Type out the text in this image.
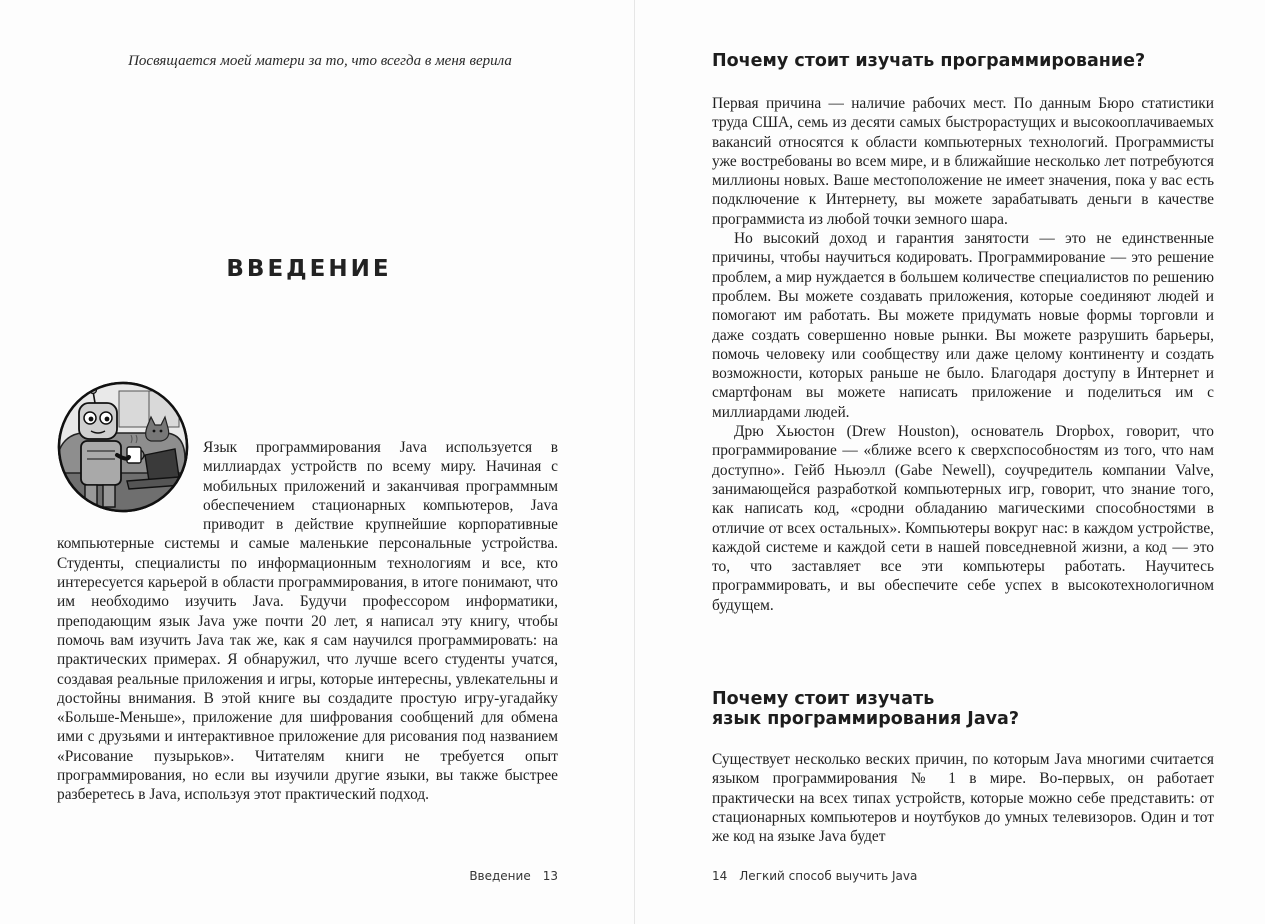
Посвящается моей матери за то, что всегда в меня верила
ВВЕДЕНИЕ

Язык программирования Java используется в миллиардах устройств по всему миру. Начиная с мобильных приложений и заканчивая программным обеспечением стационарных компьютеров, Java приводит в действие крупнейшие корпоративные компьютерные системы и самые маленькие персональные устройства. Студенты, специалисты по информационным технологиям и все, кто интересуется карьерой в области программирования, в итоге понимают, что им необходимо изучить Java. Будучи профессором информатики, преподающим язык Java уже почти 20 лет, я написал эту книгу, чтобы помочь вам изучить Java так же, как я сам научился программировать: на практических примерах. Я обнаружил, что лучше всего студенты учатся, создавая реальные приложения и игры, которые интересны, увлекательны и достойны внимания. В этой книге вы создадите простую игру-угадайку «Больше-Меньше», приложение для шифрования сообщений для обмена ими с друзьями и интерактивное приложение для рисования под названием «Рисование пузырьков». Читателям книги не требуется опыт программирования, но если вы изучили другие языки, вы также быстрее разберетесь в Java, используя этот практический подход.

Введение 13
Почему стоит изучать программирование?

Первая причина — наличие рабочих мест. По данным Бюро статистики труда США, семь из десяти самых быстрорастущих и высокооплачиваемых вакансий относятся к области компьютерных технологий. Программисты уже востребованы во всем мире, и в ближайшие несколько лет потребуются миллионы новых. Ваше местоположение не имеет значения, пока у вас есть подключение к Интернету, вы можете зарабатывать деньги в качестве программиста из любой точки земного шара.

Но высокий доход и гарантия занятости — это не единственные причины, чтобы научиться кодировать. Программирование — это решение проблем, а мир нуждается в большем количестве специалистов по решению проблем. Вы можете создавать приложения, которые соединяют людей и помогают им работать. Вы можете придумать новые формы торговли и даже создать совершенно новые рынки. Вы можете разрушить барьеры, помочь человеку или сообществу или даже целому континенту и создать возможности, которых раньше не было. Благодаря доступу в Интернет и смартфонам вы можете написать приложение и поделиться им с миллиардами людей.

Дрю Хьюстон (Drew Houston), основатель Dropbox, говорит, что программирование — «ближе всего к сверхспособностям из того, что нам доступно». Гейб Ньюэлл (Gabe Newell), соучредитель компании Valve, занимающейся разработкой компьютерных игр, говорит, что знание того, как написать код, «сродни обладанию магическими способностями в отличие от всех остальных». Компьютеры вокруг нас: в каждом устройстве, каждой системе и каждой сети в нашей повседневной жизни, а код — это то, что заставляет все эти компьютеры работать. Научитесь программировать, и вы обеспечите себе успех в высокотехнологичном будущем.

Почему стоит изучать
язык программирования Java?

Существует несколько веских причин, по которым Java многими считается языком программирования № 1 в мире. Во-первых, он работает практически на всех типах устройств, которые можно себе представить: от стационарных компьютеров и ноутбуков до умных телевизоров. Один и тот же код на языке Java будет

14 Легкий способ выучить Java
